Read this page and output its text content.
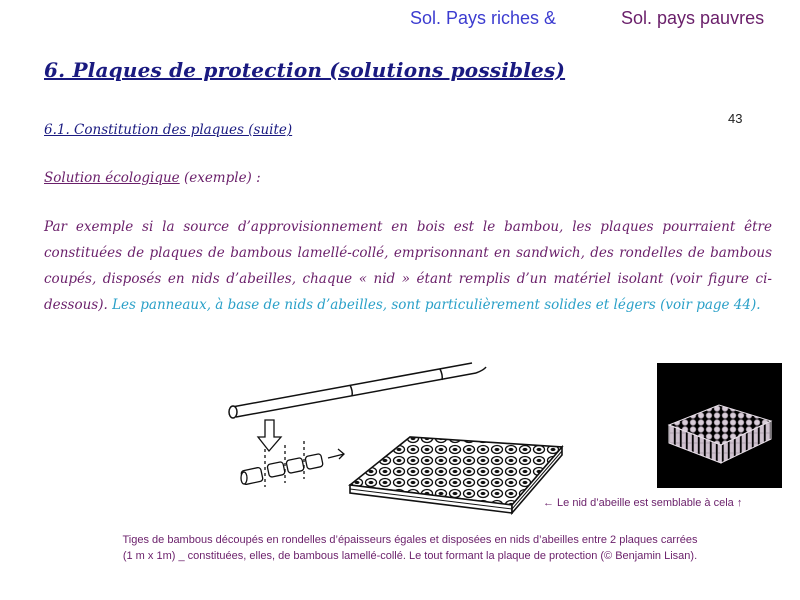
Sol. Pays riches &	Sol. pays pauvres
6. Plaques de protection (solutions possibles)
43
6.1. Constitution des plaques (suite)
Solution écologique (exemple) :
Par exemple si la source d’approvisionnement en bois est le bambou, les plaques pourraient être constituées de plaques de bambous lamellé-collé, emprisonnant en sandwich, des rondelles de bambous coupés, disposés en nids d’abeilles, chaque « nid » étant remplis d’un matériel isolant (voir figure ci-dessous). Les panneaux, à base de nids d’abeilles, sont particulièrement solides et légers (voir page 44).
← Le nid d’abeille est semblable à cela ↑
Tiges de bambous découpés en rondelles d’épaisseurs égales et disposées en nids d’abeilles entre 2 plaques carrées (1 m x 1m) _ constituées, elles, de bambous lamellé-collé. Le tout formant la plaque de protection (© Benjamin Lisan).
